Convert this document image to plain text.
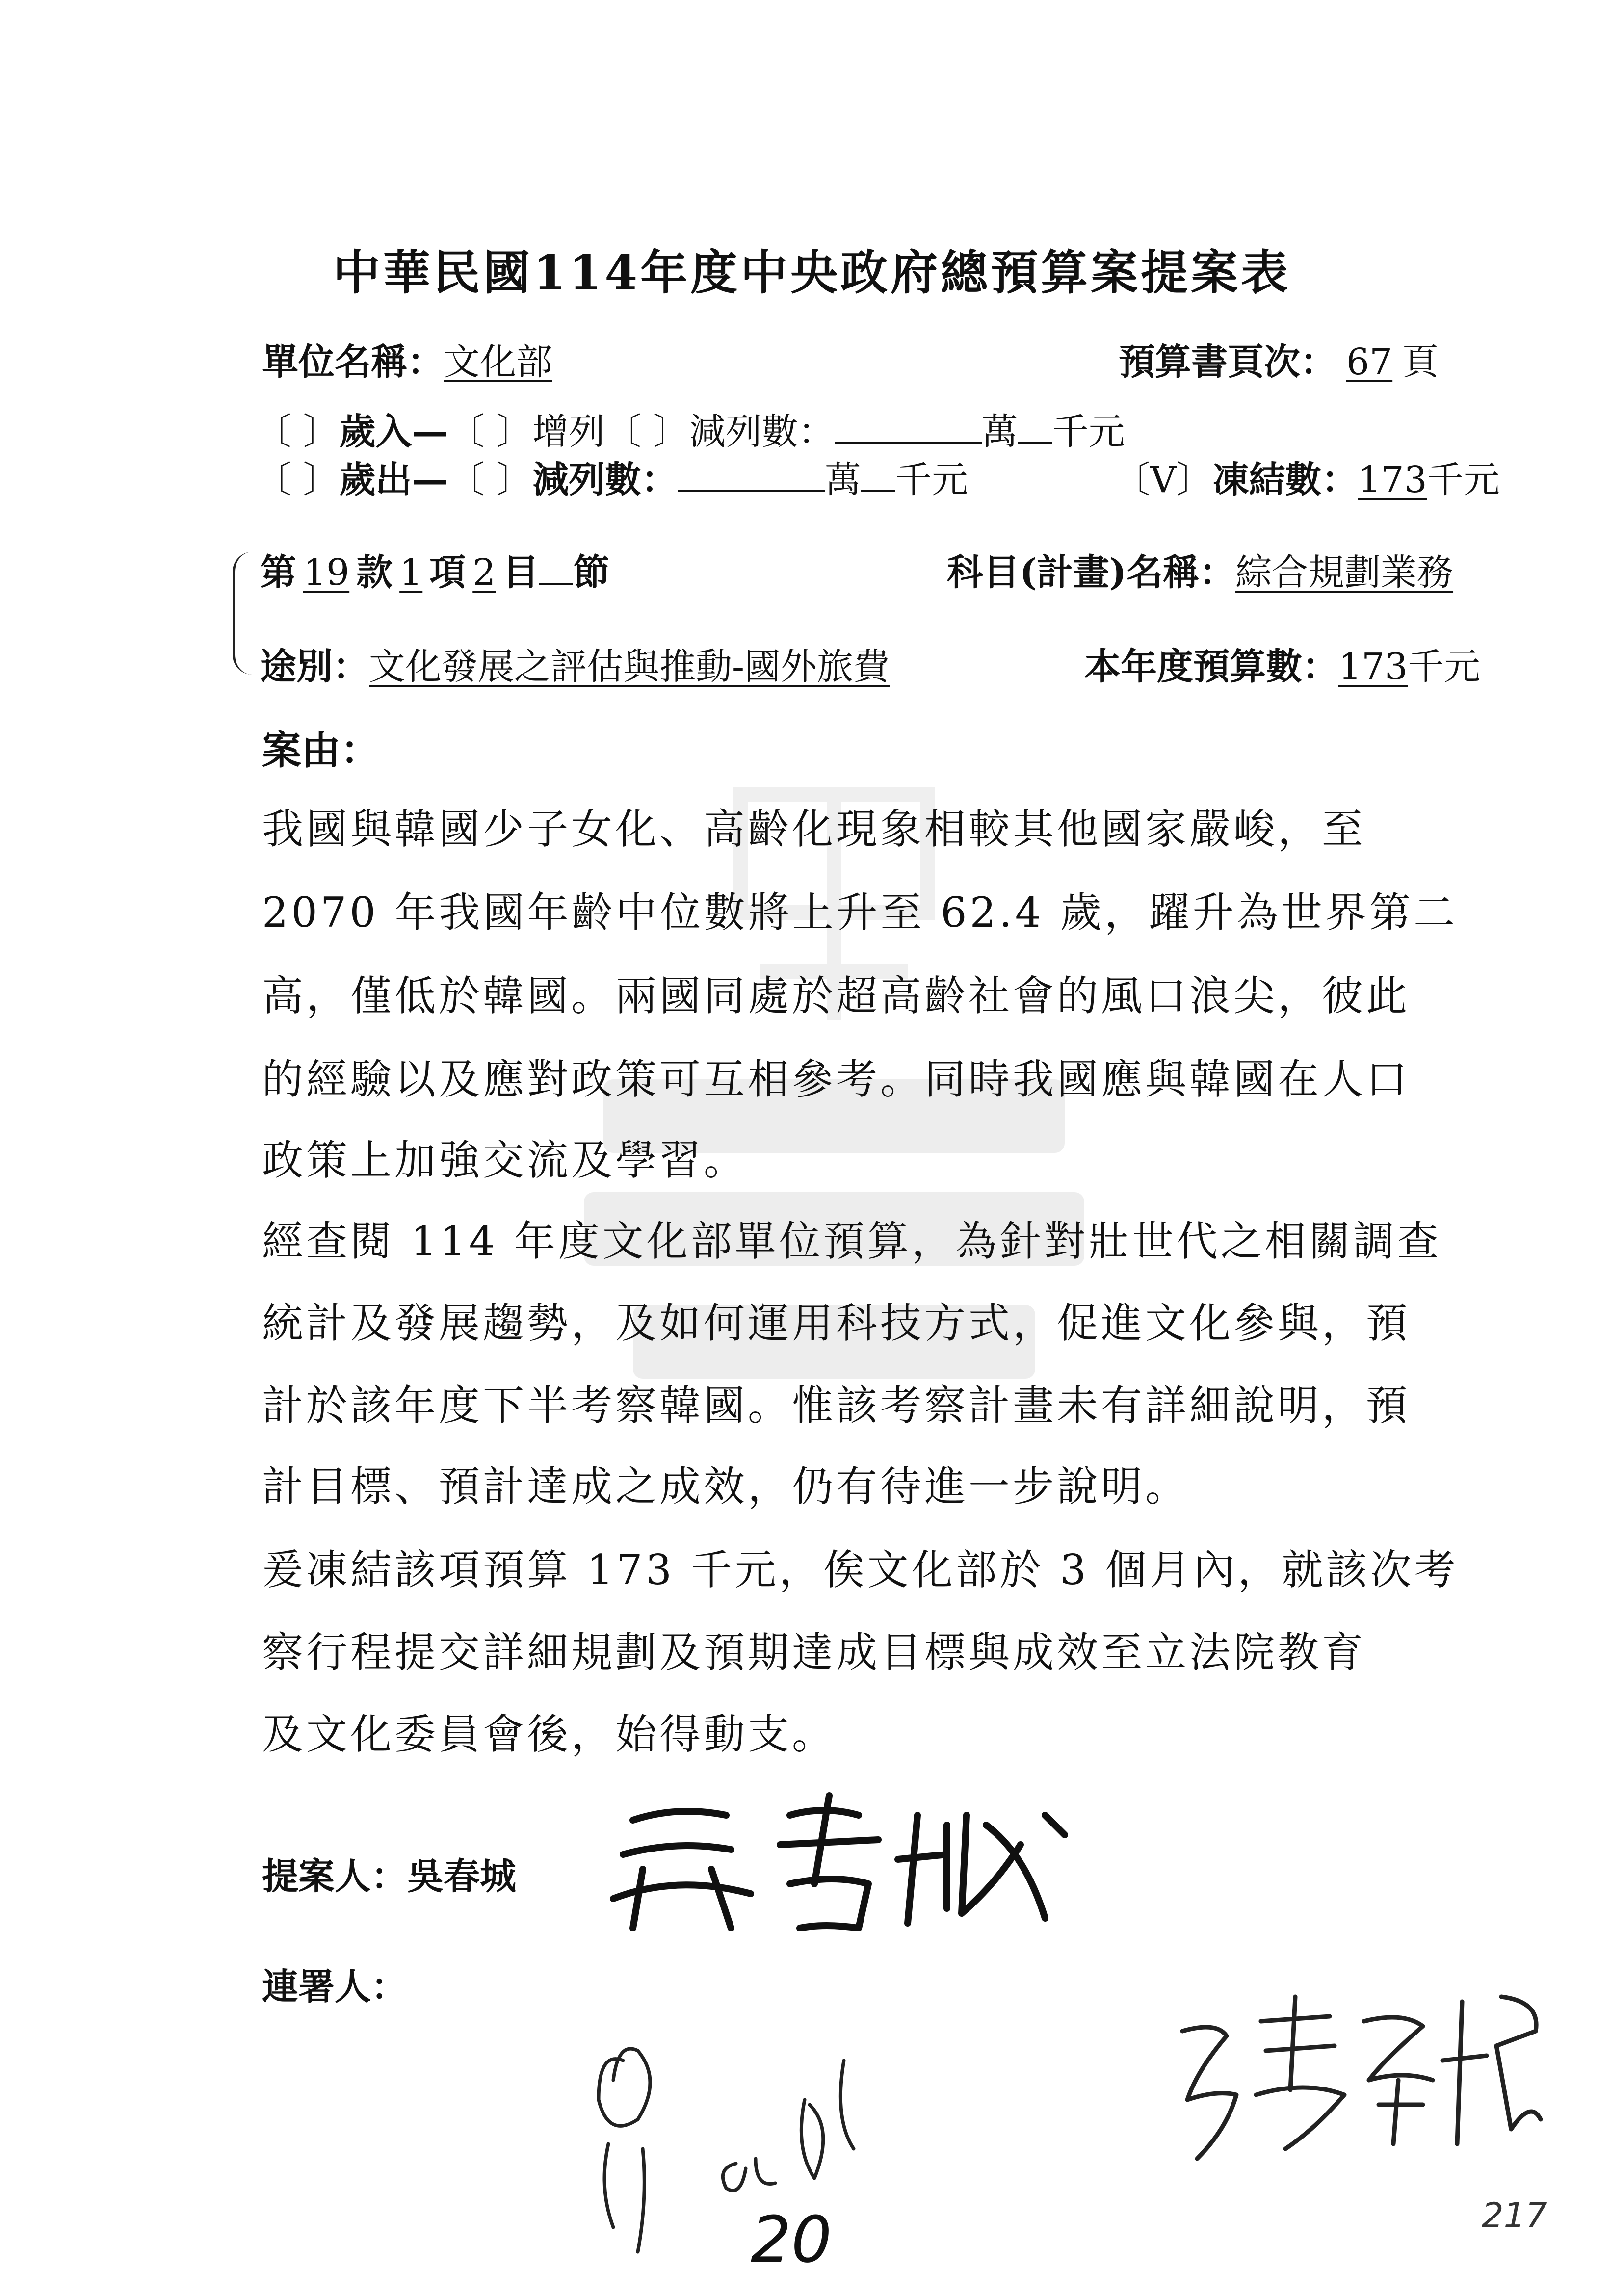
中華民國114年度中央政府總預算案提案表
單位名稱：文化部	預算書頁次： 67 頁
〔 〕歲入—〔 〕增列〔 〕減列數：	萬 千元
〔 〕歲出—〔 〕減列數：	萬 千元	〔V〕凍結數：173千元
第 19 款 1 項 2 目 節	科目(計畫)名稱：綜合規劃業務
途別：文化發展之評估與推動-國外旅費	本年度預算數：173千元
案由：
我國與韓國少子女化、高齡化現象相較其他國家嚴峻，至
2070 年我國年齡中位數將上升至 62.4 歲，躍升為世界第二
高，僅低於韓國。兩國同處於超高齡社會的風口浪尖，彼此
的經驗以及應對政策可互相參考。同時我國應與韓國在人口
政策上加強交流及學習。
經查閱 114 年度文化部單位預算，為針對壯世代之相關調查
統計及發展趨勢，及如何運用科技方式，促進文化參與，預
計於該年度下半考察韓國。惟該考察計畫未有詳細說明，預
計目標、預計達成之成效，仍有待進一步說明。
爰凍結該項預算 173 千元，俟文化部於 3 個月內，就該次考
察行程提交詳細規劃及預期達成目標與成效至立法院教育
及文化委員會後，始得動支。
提案人：吳春城
連署人：
20	217
